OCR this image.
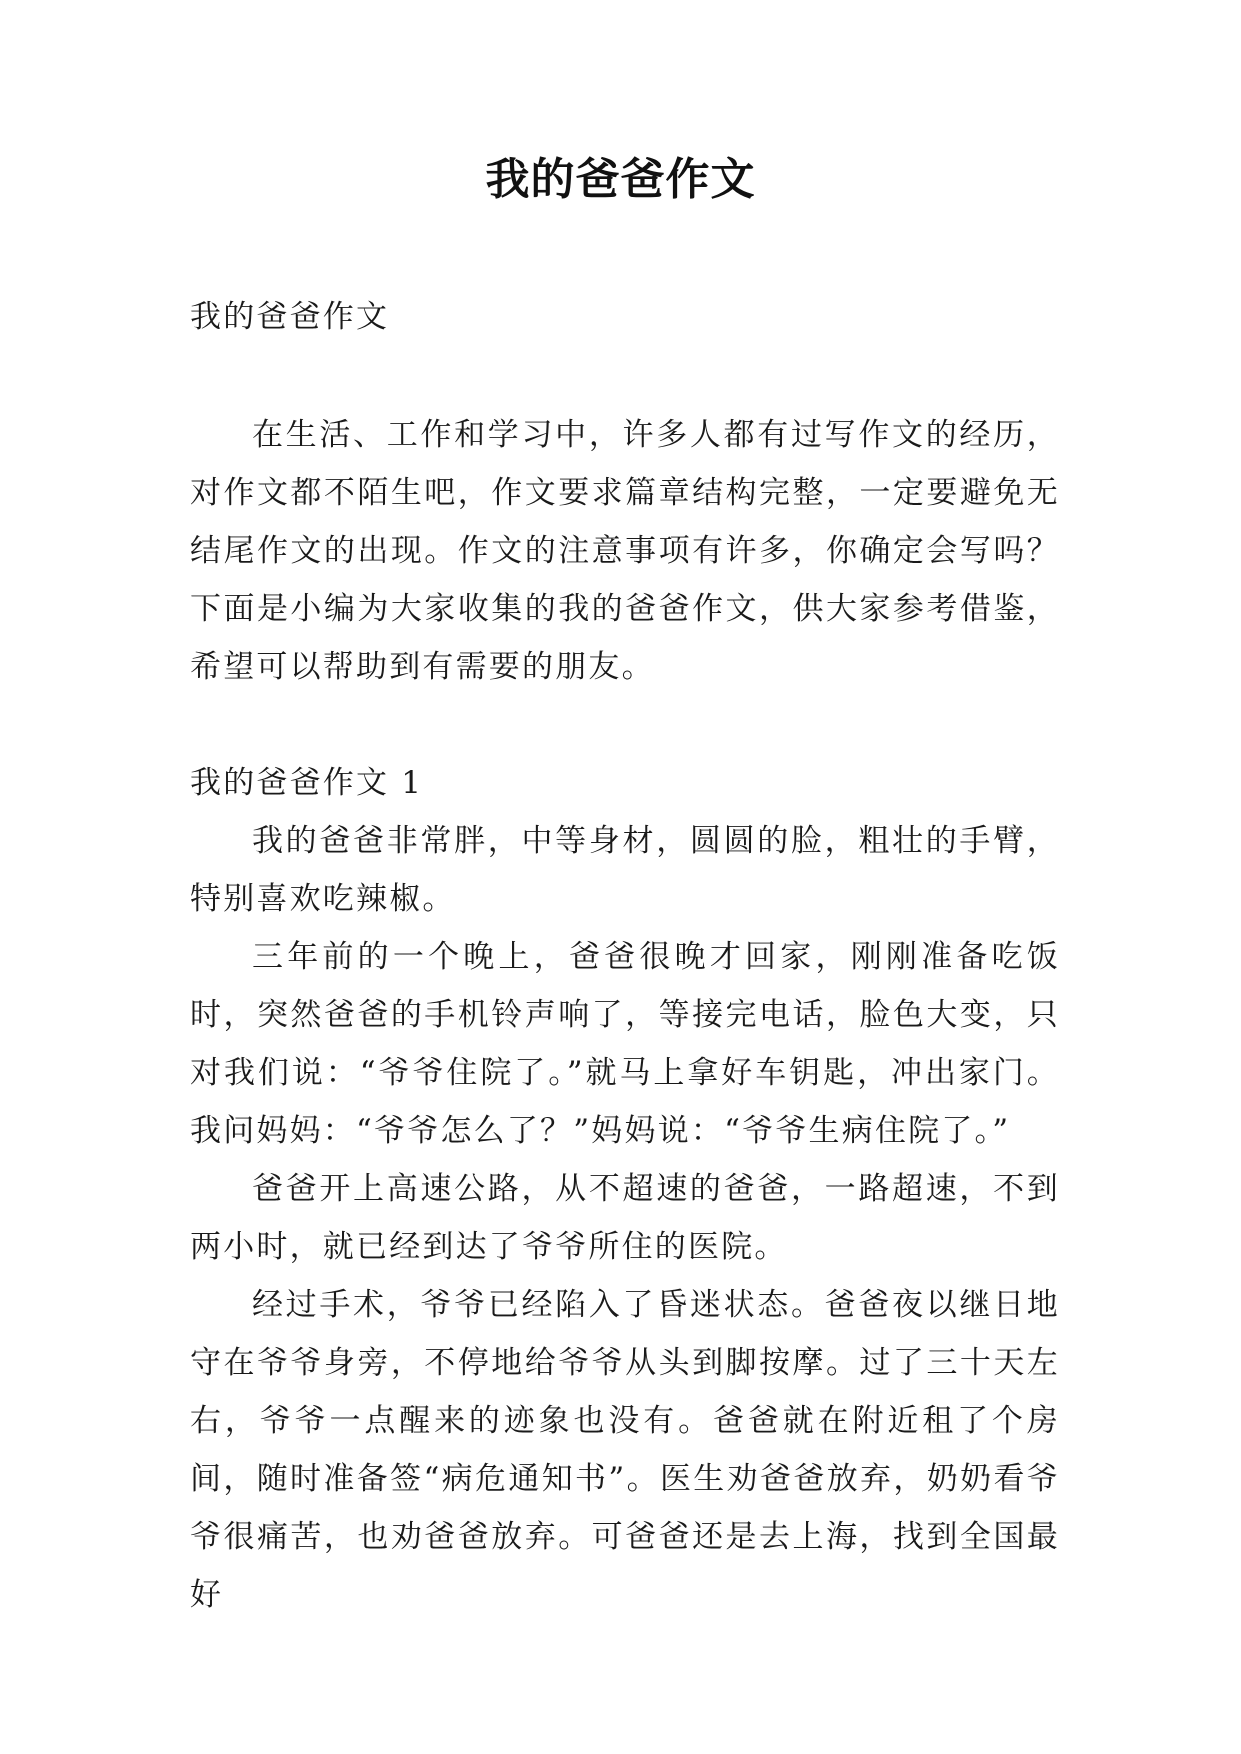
我的爸爸作文

我的爸爸作文

在生活、工作和学习中，许多人都有过写作文的经历，对作文都不陌生吧，作文要求篇章结构完整，一定要避免无结尾作文的出现。作文的注意事项有许多，你确定会写吗？下面是小编为大家收集的我的爸爸作文，供大家参考借鉴，希望可以帮助到有需要的朋友。

我的爸爸作文 1

我的爸爸非常胖，中等身材，圆圆的脸，粗壮的手臂，特别喜欢吃辣椒。

三年前的一个晚上，爸爸很晚才回家，刚刚准备吃饭时，突然爸爸的手机铃声响了，等接完电话，脸色大变，只对我们说：“爷爷住院了。”就马上拿好车钥匙，冲出家门。我问妈妈：“爷爷怎么了？”妈妈说：“爷爷生病住院了。”

爸爸开上高速公路，从不超速的爸爸，一路超速，不到两小时，就已经到达了爷爷所住的医院。

经过手术，爷爷已经陷入了昏迷状态。爸爸夜以继日地守在爷爷身旁，不停地给爷爷从头到脚按摩。过了三十天左右，爷爷一点醒来的迹象也没有。爸爸就在附近租了个房间，随时准备签“病危通知书”。医生劝爸爸放弃，奶奶看爷爷很痛苦，也劝爸爸放弃。可爸爸还是去上海，找到全国最好
